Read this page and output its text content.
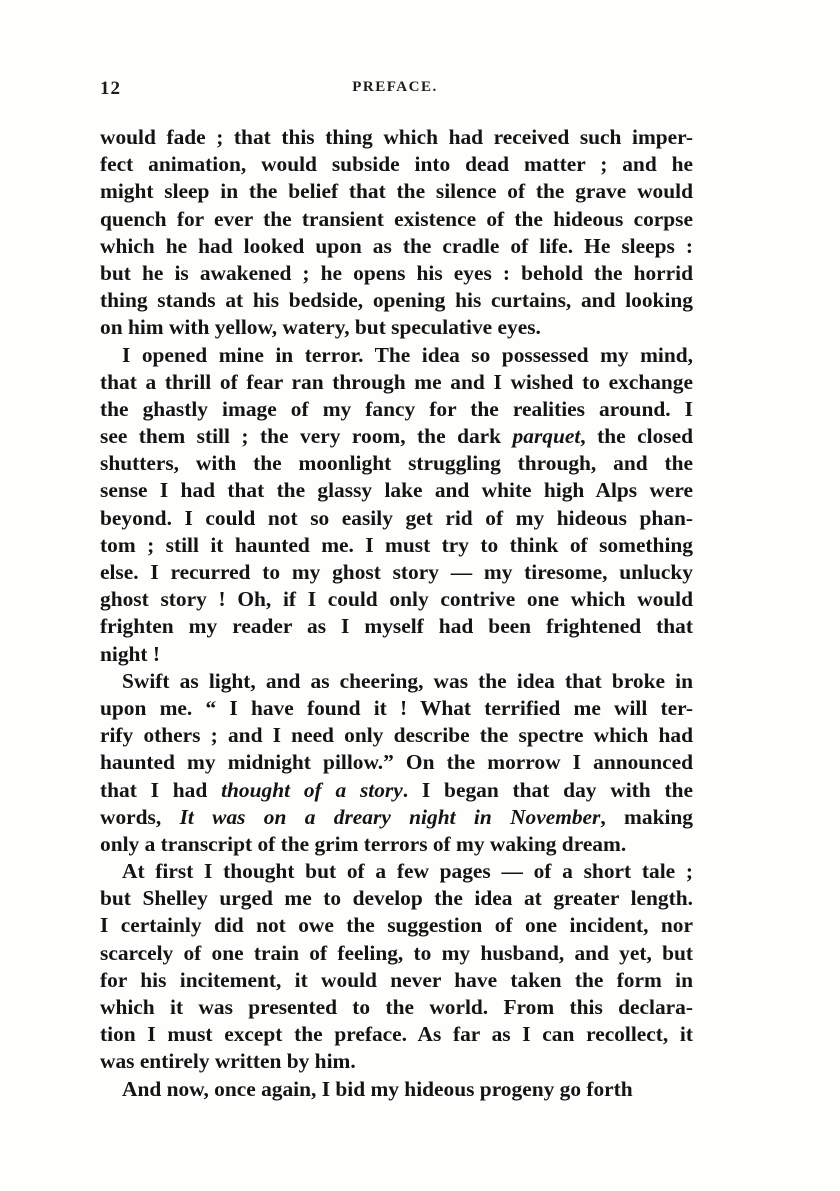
12	PREFACE.
would fade ; that this thing which had received such imper-
fect animation, would subside into dead matter ; and he
might sleep in the belief that the silence of the grave would
quench for ever the transient existence of the hideous corpse
which he had looked upon as the cradle of life. He sleeps :
but he is awakened ; he opens his eyes : behold the horrid
thing stands at his bedside, opening his curtains, and looking
on him with yellow, watery, but speculative eyes.
I opened mine in terror. The idea so possessed my mind,
that a thrill of fear ran through me and I wished to exchange
the ghastly image of my fancy for the realities around. I
see them still ; the very room, the dark parquet, the closed
shutters, with the moonlight struggling through, and the
sense I had that the glassy lake and white high Alps were
beyond. I could not so easily get rid of my hideous phan-
tom ; still it haunted me. I must try to think of something
else. I recurred to my ghost story — my tiresome, unlucky
ghost story ! Oh, if I could only contrive one which would
frighten my reader as I myself had been frightened that
night !
Swift as light, and as cheering, was the idea that broke in
upon me. “ I have found it ! What terrified me will ter-
rify others ; and I need only describe the spectre which had
haunted my midnight pillow.” On the morrow I announced
that I had thought of a story. I began that day with the
words, It was on a dreary night in November, making
only a transcript of the grim terrors of my waking dream.
At first I thought but of a few pages — of a short tale ;
but Shelley urged me to develop the idea at greater length.
I certainly did not owe the suggestion of one incident, nor
scarcely of one train of feeling, to my husband, and yet, but
for his incitement, it would never have taken the form in
which it was presented to the world. From this declara-
tion I must except the preface. As far as I can recollect, it
was entirely written by him.
And now, once again, I bid my hideous progeny go forth
